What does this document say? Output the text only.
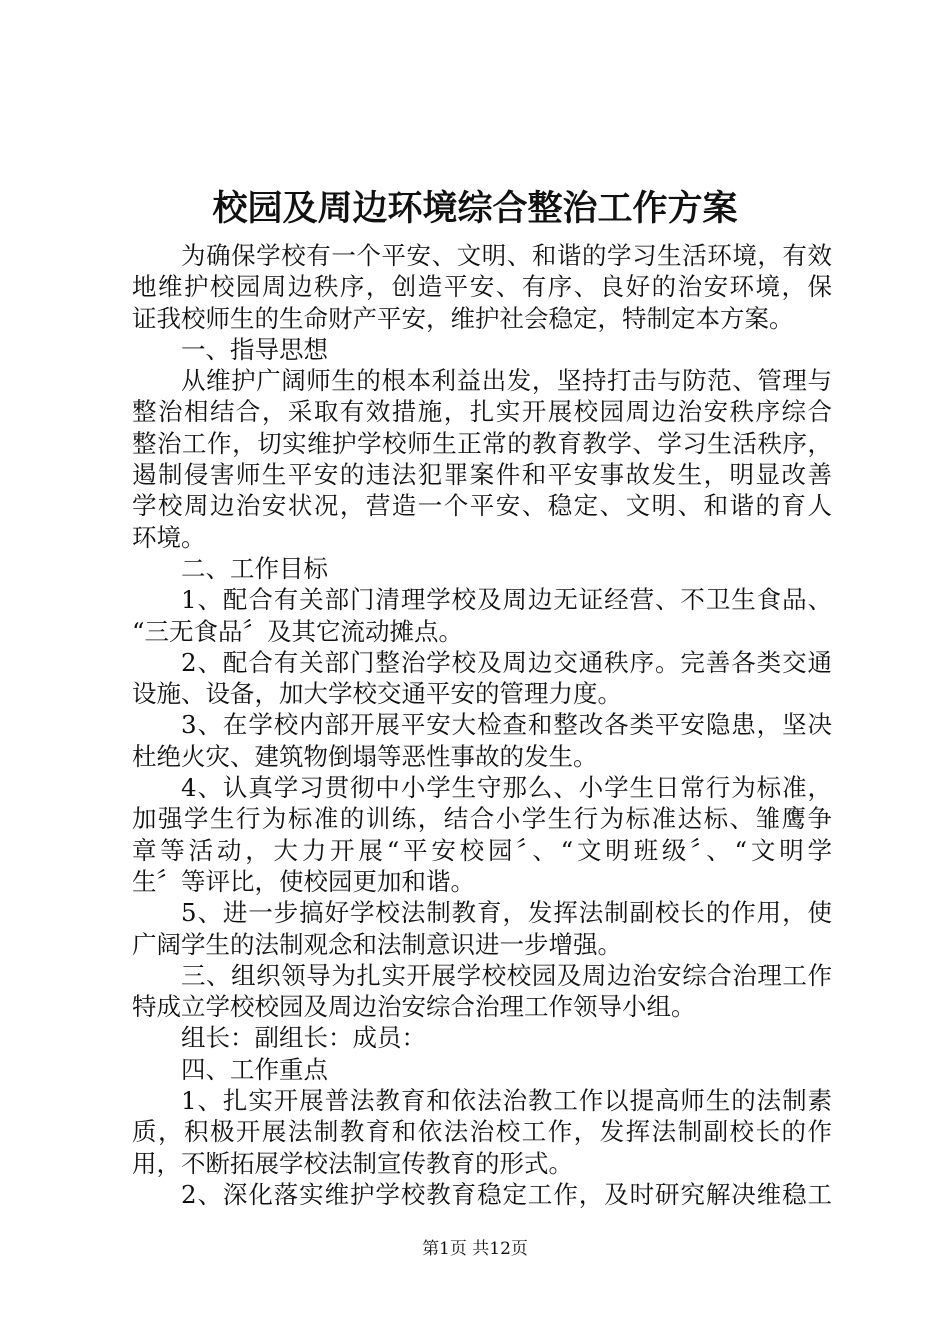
校园及周边环境综合整治工作方案

为确保学校有一个平安、文明、和谐的学习生活环境，有效

地维护校园周边秩序，创造平安、有序、良好的治安环境，保

证我校师生的生命财产平安，维护社会稳定，特制定本方案。

一、指导思想

从维护广阔师生的根本利益出发，坚持打击与防范、管理与

整治相结合，采取有效措施，扎实开展校园周边治安秩序综合

整治工作，切实维护学校师生正常的教育教学、学习生活秩序，

遏制侵害师生平安的违法犯罪案件和平安事故发生，明显改善

学校周边治安状况，营造一个平安、稳定、文明、和谐的育人

环境。

二、工作目标

1、配合有关部门清理学校及周边无证经营、不卫生食品、

“三无食品〞及其它流动摊点。

2、配合有关部门整治学校及周边交通秩序。完善各类交通

设施、设备，加大学校交通平安的管理力度。

3、在学校内部开展平安大检查和整改各类平安隐患，坚决

杜绝火灾、建筑物倒塌等恶性事故的发生。

4、认真学习贯彻中小学生守那么、小学生日常行为标准，

加强学生行为标准的训练，结合小学生行为标准达标、雏鹰争

章等活动，大力开展“平安校园〞、“文明班级〞、“文明学

生〞等评比，使校园更加和谐。

5、进一步搞好学校法制教育，发挥法制副校长的作用，使

广阔学生的法制观念和法制意识进一步增强。

三、组织领导为扎实开展学校校园及周边治安综合治理工作

特成立学校校园及周边治安综合治理工作领导小组。

组长：副组长：成员：

四、工作重点

1、扎实开展普法教育和依法治教工作以提高师生的法制素

质，积极开展法制教育和依法治校工作，发挥法制副校长的作

用，不断拓展学校法制宣传教育的形式。

2、深化落实维护学校教育稳定工作，及时研究解决维稳工

第1页 共12页
